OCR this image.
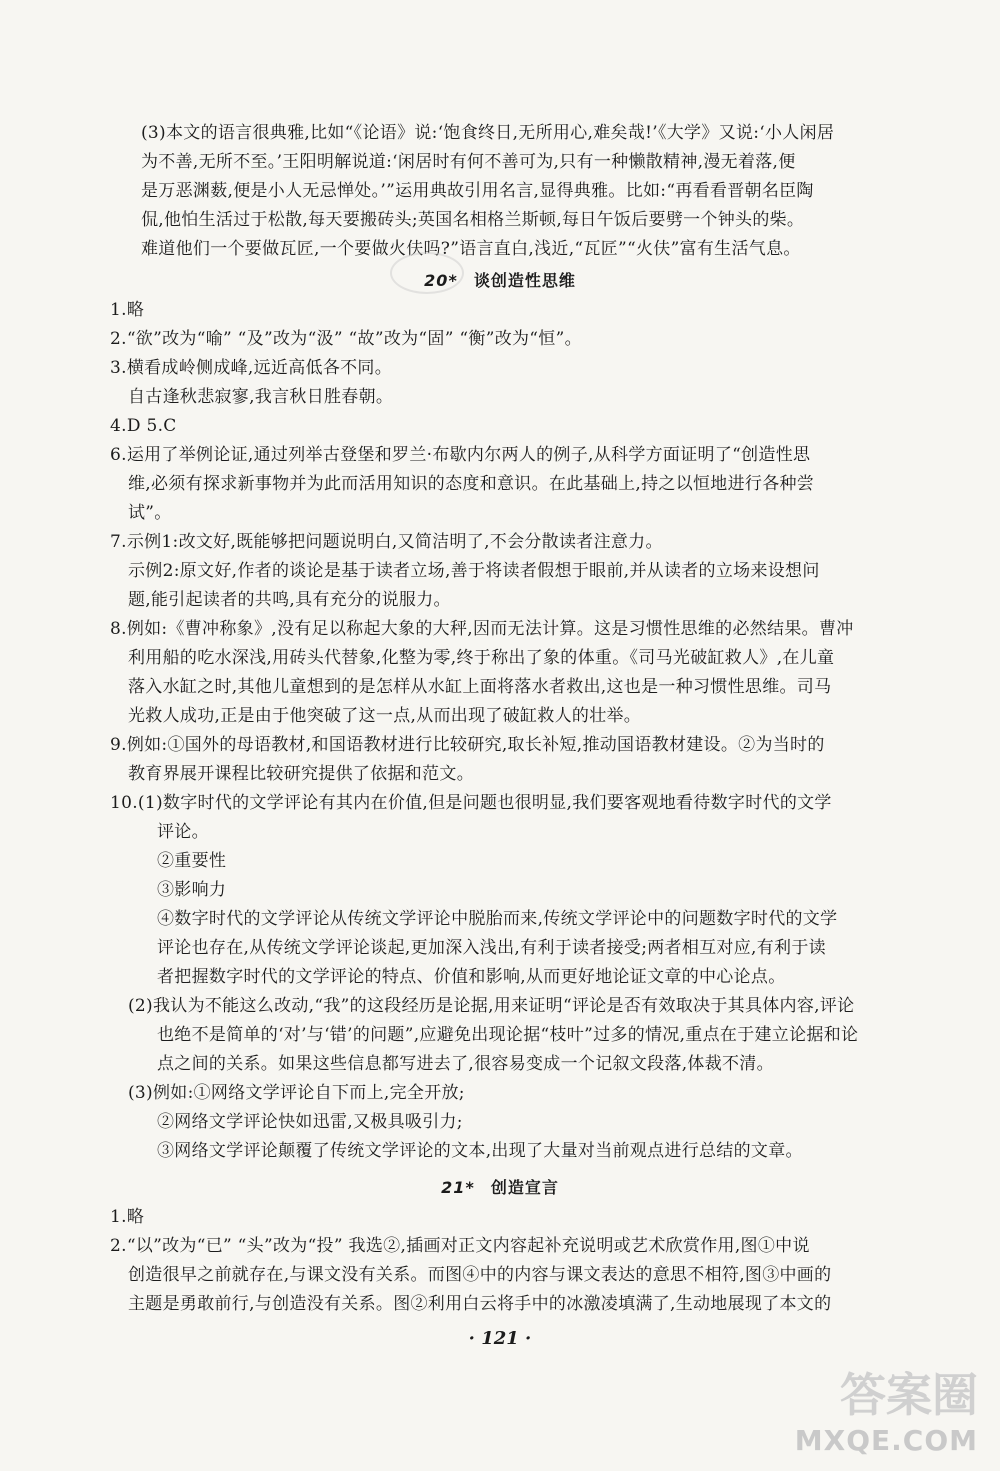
(3)本文的语言很典雅,比如“《论语》说:‘饱食终日,无所用心,难矣哉!’《大学》又说:‘小人闲居
为不善,无所不至。’王阳明解说道:‘闲居时有何不善可为,只有一种懒散精神,漫无着落,便
是万恶渊薮,便是小人无忌惮处。’”运用典故引用名言,显得典雅。比如:“再看看晋朝名臣陶
侃,他怕生活过于松散,每天要搬砖头;英国名相格兰斯顿,每日午饭后要劈一个钟头的柴。
难道他们一个要做瓦匠,一个要做火伕吗?”语言直白,浅近,“瓦匠”“火伕”富有生活气息。
20* 谈创造性思维
1.略
2.“欲”改为“喻” “及”改为“汲” “故”改为“固” “衡”改为“恒”。
3.横看成岭侧成峰,远近高低各不同。
自古逢秋悲寂寥,我言秋日胜春朝。
4.D 5.C
6.运用了举例论证,通过列举古登堡和罗兰·布歇内尔两人的例子,从科学方面证明了“创造性思
维,必须有探求新事物并为此而活用知识的态度和意识。在此基础上,持之以恒地进行各种尝
试”。
7.示例1:改文好,既能够把问题说明白,又简洁明了,不会分散读者注意力。
示例2:原文好,作者的谈论是基于读者立场,善于将读者假想于眼前,并从读者的立场来设想问
题,能引起读者的共鸣,具有充分的说服力。
8.例如:《曹冲称象》,没有足以称起大象的大秤,因而无法计算。这是习惯性思维的必然结果。曹冲
利用船的吃水深浅,用砖头代替象,化整为零,终于称出了象的体重。《司马光破缸救人》,在儿童
落入水缸之时,其他儿童想到的是怎样从水缸上面将落水者救出,这也是一种习惯性思维。司马
光救人成功,正是由于他突破了这一点,从而出现了破缸救人的壮举。
9.例如:①国外的母语教材,和国语教材进行比较研究,取长补短,推动国语教材建设。②为当时的
教育界展开课程比较研究提供了依据和范文。
10.(1)数字时代的文学评论有其内在价值,但是问题也很明显,我们要客观地看待数字时代的文学
评论。
②重要性
③影响力
④数字时代的文学评论从传统文学评论中脱胎而来,传统文学评论中的问题数字时代的文学
评论也存在,从传统文学评论谈起,更加深入浅出,有利于读者接受;两者相互对应,有利于读
者把握数字时代的文学评论的特点、价值和影响,从而更好地论证文章的中心论点。
(2)我认为不能这么改动,“我”的这段经历是论据,用来证明“评论是否有效取决于其具体内容,评论
也绝不是简单的‘对’与‘错’的问题”,应避免出现论据“枝叶”过多的情况,重点在于建立论据和论
点之间的关系。如果这些信息都写进去了,很容易变成一个记叙文段落,体裁不清。
(3)例如:①网络文学评论自下而上,完全开放;
②网络文学评论快如迅雷,又极具吸引力;
③网络文学评论颠覆了传统文学评论的文本,出现了大量对当前观点进行总结的文章。
21* 创造宣言
1.略
2.“以”改为“已” “头”改为“投” 我选②,插画对正文内容起补充说明或艺术欣赏作用,图①中说
创造很早之前就存在,与课文没有关系。而图④中的内容与课文表达的意思不相符,图③中画的
主题是勇敢前行,与创造没有关系。图②利用白云将手中的冰激凌填满了,生动地展现了本文的
· 121 ·
答案圈
MXQE.COM
